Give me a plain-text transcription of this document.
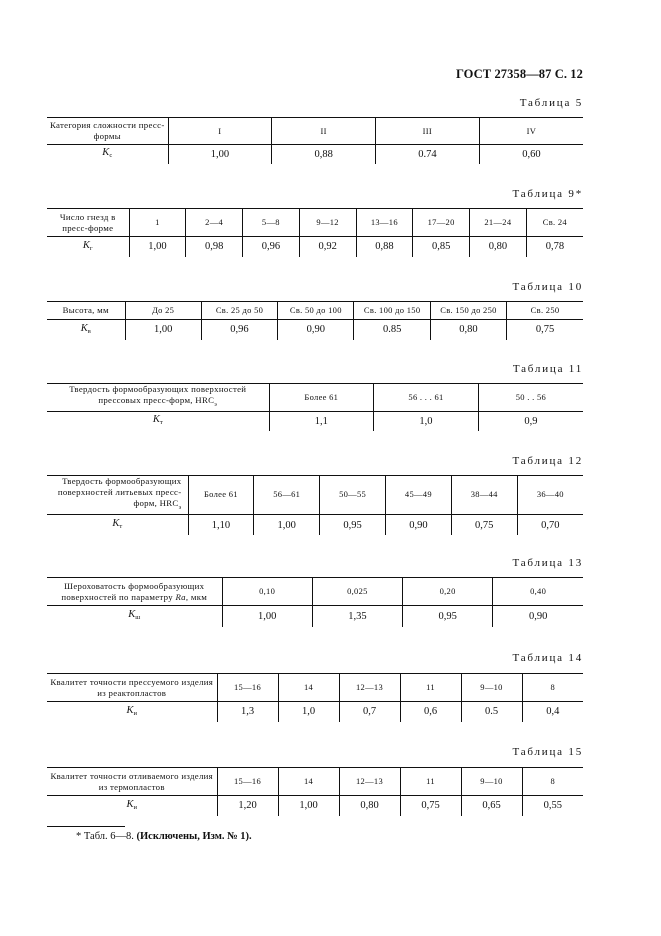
ГОСТ 27358—87 С. 12
Таблица 5
Категория сложности пресс-формы	I	II	III	IV
$K_c$	1,00	0,88	0.74	0,60
Таблица 9*
Число гнезд в пресс-форме	1	2—4	5—8	9—12	13—16	17—20	21—24	Св. 24
$K_г$	1,00	0,98	0,96	0,92	0,88	0,85	0,80	0,78
Таблица 10
Высота, мм	До 25	Св. 25 до 50	Св. 50 до 100	Св. 100 до 150	Св. 150 до 250	Св. 250
$K_в$	1,00	0,96	0,90	0.85	0,80	0,75
Таблица 11
Твердость формообразующих поверхностей прессовых пресс-форм, $HRC_э$	Более 61	56 . . . 61	50 . . 56
$K_т$	1,1	1,0	0,9
Таблица 12
Твердость формообразующих поверхностей литьевых пресс-форм, $HRC_э$	Более 61	56—61	50—55	45—49	38—44	36—40
$K_т$	1,10	1,00	0,95	0,90	0,75	0,70
Таблица 13
Шероховатость формообразующих поверхностей по параметру Ra, мкм	0,10	0,025	0,20	0,40
$K_ш$	1,00	1,35	0,95	0,90
Таблица 14
Квалитет точности прессуемого изделия из реактопластов	15—16	14	12—13	11	9—10	8
$K_и$	1,3	1,0	0,7	0,6	0.5	0,4
Таблица 15
Квалитет точности отливаемого изделия из термопластов	15—16	14	12—13	11	9—10	8
$K_и$	1,20	1,00	0,80	0,75	0,65	0,55
* Табл. 6—8. (Исключены, Изм. № 1).
